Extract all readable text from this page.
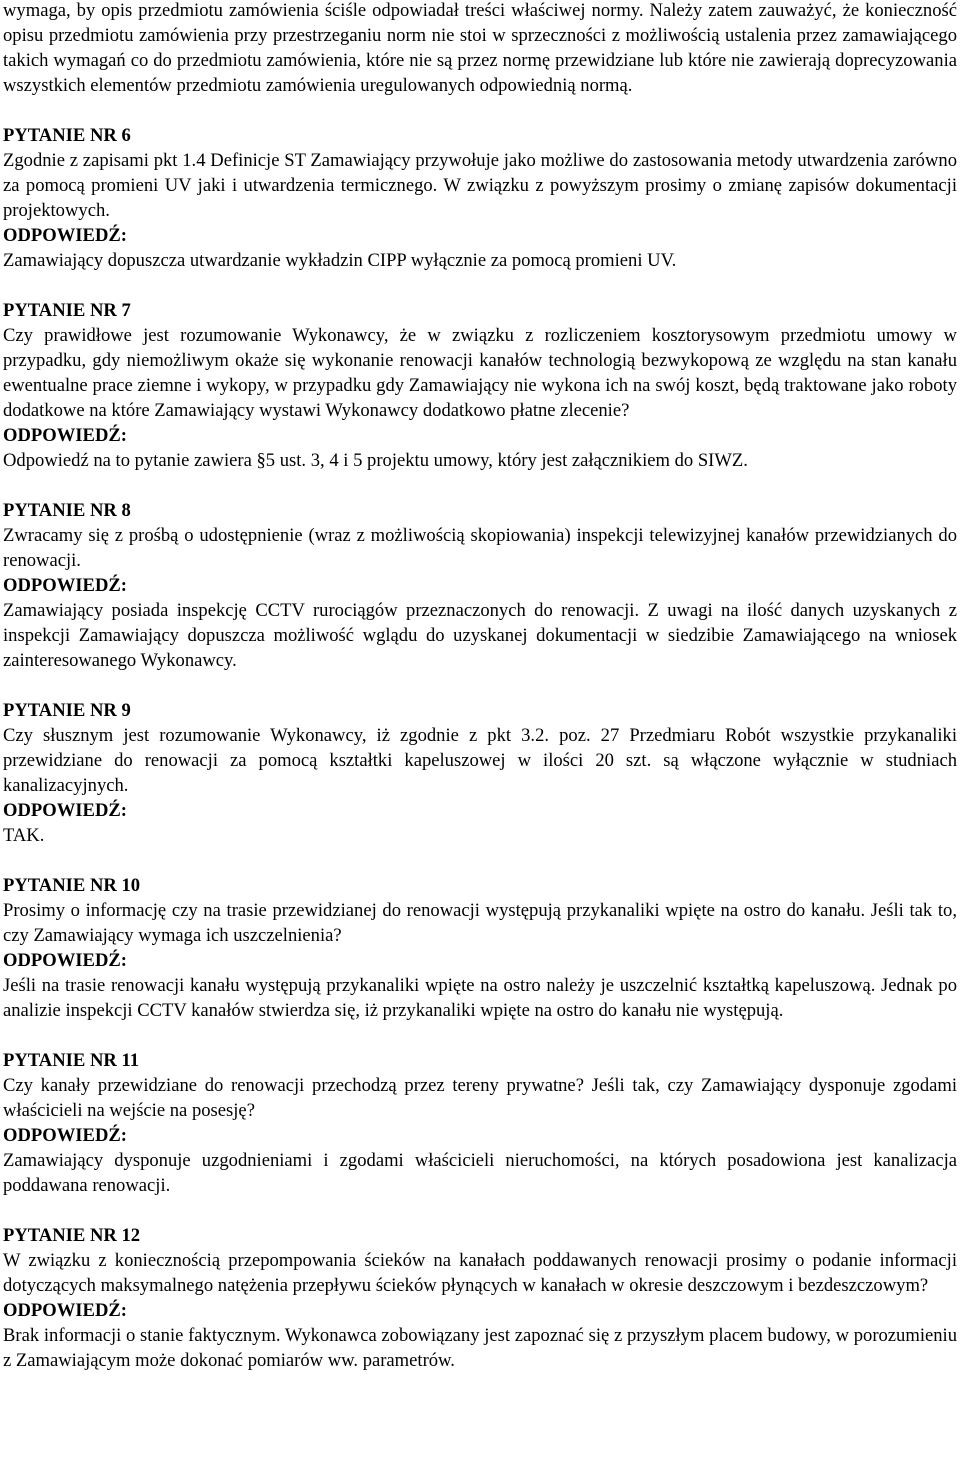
wymaga, by opis przedmiotu zamówienia ściśle odpowiadał treści właściwej normy. Należy zatem zauważyć, że konieczność opisu przedmiotu zamówienia przy przestrzeganiu norm nie stoi w sprzeczności z możliwością ustalenia przez zamawiającego takich wymagań co do przedmiotu zamówienia, które nie są przez normę przewidziane lub które nie zawierają doprecyzowania wszystkich elementów przedmiotu zamówienia uregulowanych odpowiednią normą.

PYTANIE NR 6

Zgodnie z zapisami pkt 1.4 Definicje ST Zamawiający przywołuje jako możliwe do zastosowania metody utwardzenia zarówno za pomocą promieni UV jaki i utwardzenia termicznego. W związku z powyższym prosimy o zmianę zapisów dokumentacji projektowych.

ODPOWIEDŹ:

Zamawiający dopuszcza utwardzanie wykładzin CIPP wyłącznie za pomocą promieni UV.

PYTANIE NR 7

Czy prawidłowe jest rozumowanie Wykonawcy, że w związku z rozliczeniem kosztorysowym przedmiotu umowy w przypadku, gdy niemożliwym okaże się wykonanie renowacji kanałów technologią bezwykopową ze względu na stan kanału ewentualne prace ziemne i wykopy, w przypadku gdy Zamawiający nie wykona ich na swój koszt, będą traktowane jako roboty dodatkowe na które Zamawiający wystawi Wykonawcy dodatkowo płatne zlecenie?

ODPOWIEDŹ:

Odpowiedź na to pytanie zawiera §5 ust. 3, 4 i 5 projektu umowy, który jest załącznikiem do SIWZ.

PYTANIE NR 8

Zwracamy się z prośbą o udostępnienie (wraz z możliwością skopiowania) inspekcji telewizyjnej kanałów przewidzianych do renowacji.

ODPOWIEDŹ:

Zamawiający posiada inspekcję CCTV rurociągów przeznaczonych do renowacji. Z uwagi na ilość danych uzyskanych z inspekcji Zamawiający dopuszcza możliwość wglądu do uzyskanej dokumentacji w siedzibie Zamawiającego na wniosek zainteresowanego Wykonawcy.

PYTANIE NR 9

Czy słusznym jest rozumowanie Wykonawcy, iż zgodnie z pkt 3.2. poz. 27 Przedmiaru Robót wszystkie przykanaliki przewidziane do renowacji za pomocą kształtki kapeluszowej w ilości 20 szt. są włączone wyłącznie w studniach kanalizacyjnych.

ODPOWIEDŹ:

TAK.

PYTANIE NR 10

Prosimy o informację czy na trasie przewidzianej do renowacji występują przykanaliki wpięte na ostro do kanału. Jeśli tak to, czy Zamawiający wymaga ich uszczelnienia?

ODPOWIEDŹ:

Jeśli na trasie renowacji kanału występują przykanaliki wpięte na ostro należy je uszczelnić kształtką kapeluszową. Jednak po analizie inspekcji CCTV kanałów stwierdza się, iż przykanaliki wpięte na ostro do kanału nie występują.

PYTANIE NR 11

Czy kanały przewidziane do renowacji przechodzą przez tereny prywatne? Jeśli tak, czy Zamawiający dysponuje zgodami właścicieli na wejście na posesję?

ODPOWIEDŹ:

Zamawiający dysponuje uzgodnieniami i zgodami właścicieli nieruchomości, na których posadowiona jest kanalizacja poddawana renowacji.

PYTANIE NR 12

W związku z koniecznością przepompowania ścieków na kanałach poddawanych renowacji prosimy o podanie informacji dotyczących maksymalnego natężenia przepływu ścieków płynących w kanałach w okresie deszczowym i bezdeszczowym?

ODPOWIEDŹ:

Brak informacji o stanie faktycznym. Wykonawca zobowiązany jest zapoznać się z przyszłym placem budowy, w porozumieniu z Zamawiającym może dokonać pomiarów ww. parametrów.
